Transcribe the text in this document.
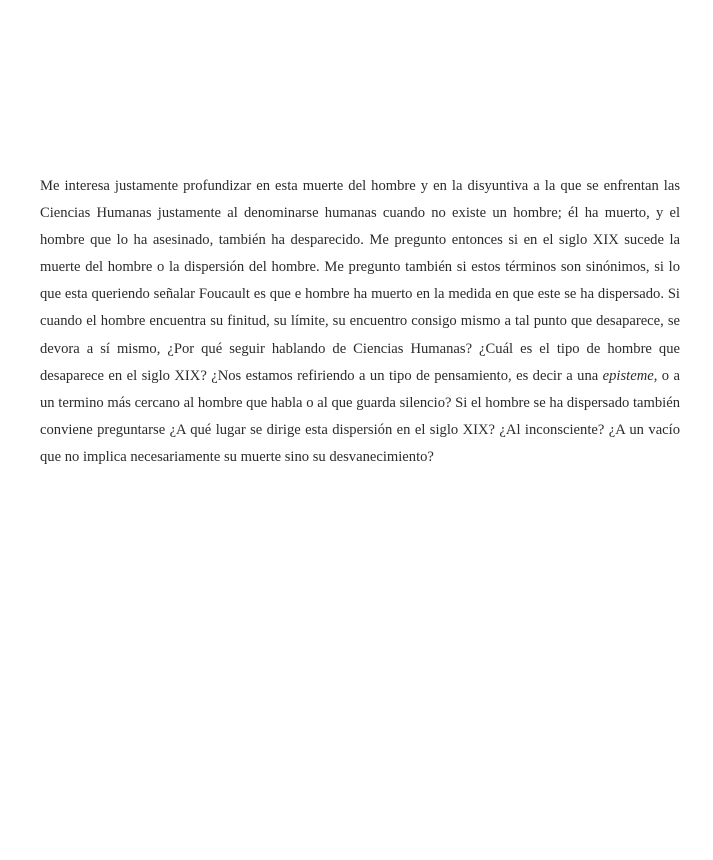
Me interesa justamente profundizar en esta muerte del hombre y en la disyuntiva a la que se enfrentan las Ciencias Humanas justamente al denominarse humanas cuando no existe un hombre; él ha muerto, y el hombre que lo ha asesinado, también ha desparecido. Me pregunto entonces si en el siglo XIX sucede la muerte del hombre o la dispersión del hombre. Me pregunto también si estos términos son sinónimos, si lo que esta queriendo señalar Foucault es que e hombre ha muerto en la medida en que este se ha dispersado. Si cuando el hombre encuentra su finitud, su límite, su encuentro consigo mismo a tal punto que desaparece, se devora a sí mismo, ¿Por qué seguir hablando de Ciencias Humanas? ¿Cuál es el tipo de hombre que desaparece en el siglo XIX? ¿Nos estamos refiriendo a un tipo de pensamiento, es decir a una episteme, o a un termino más cercano al hombre que habla o al que guarda silencio? Si el hombre se ha dispersado también conviene preguntarse ¿A qué lugar se dirige esta dispersión en el siglo XIX? ¿Al inconsciente? ¿A un vacío que no implica necesariamente su muerte sino su desvanecimiento?
